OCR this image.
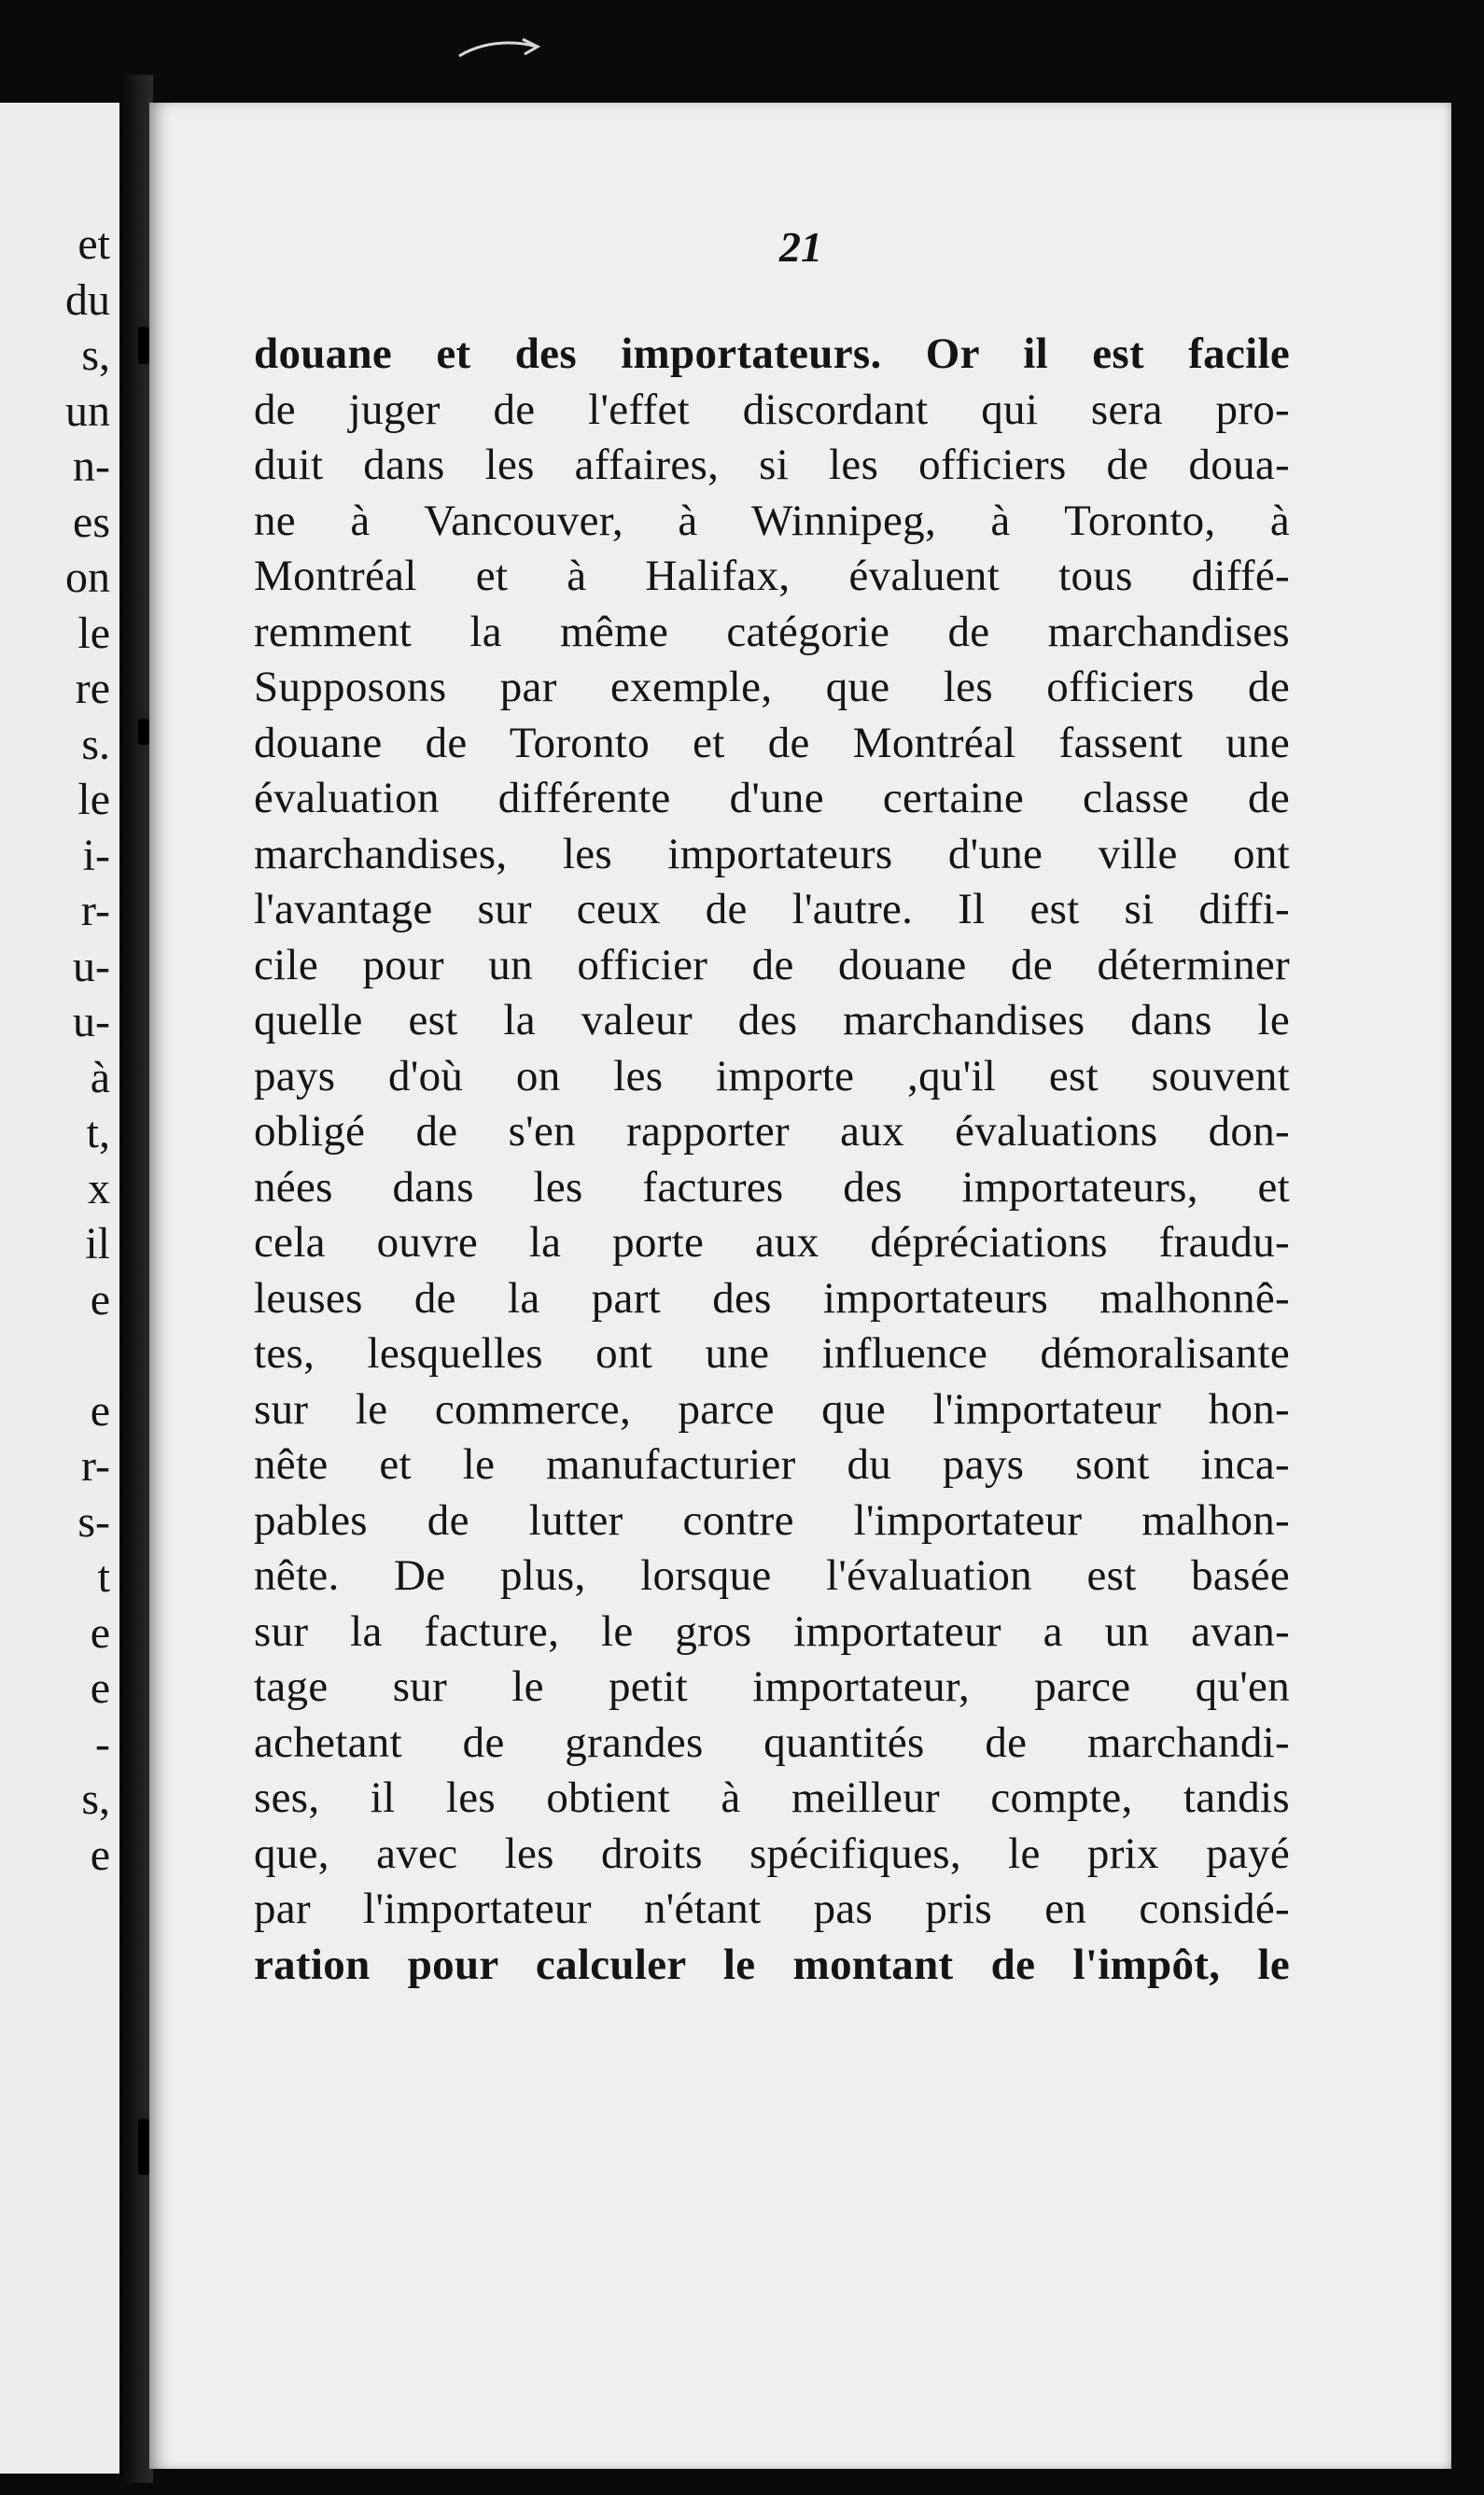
et
du
s,
un
n-
es
on
le
re
s.
le
i-
r-
u-
u-
à
t,
x
il
e
e
r-
s-
t
e
e
-
s,
e
21
douane et des importateurs. Or il est facile
de juger de l'effet discordant qui sera pro-
duit dans les affaires, si les officiers de doua-
ne à Vancouver, à Winnipeg, à Toronto, à
Montréal et à Halifax, évaluent tous diffé-
remment la même catégorie de marchandises
Supposons par exemple, que les officiers de
douane de Toronto et de Montréal fassent une
évaluation différente d'une certaine classe de
marchandises, les importateurs d'une ville ont
l'avantage sur ceux de l'autre. Il est si diffi-
cile pour un officier de douane de déterminer
quelle est la valeur des marchandises dans le
pays d'où on les importe ,qu'il est souvent
obligé de s'en rapporter aux évaluations don-
nées dans les factures des importateurs, et
cela ouvre la porte aux dépréciations fraudu-
leuses de la part des importateurs malhonnê-
tes, lesquelles ont une influence démoralisante
sur le commerce, parce que l'importateur hon-
nête et le manufacturier du pays sont inca-
pables de lutter contre l'importateur malhon-
nête. De plus, lorsque l'évaluation est basée
sur la facture, le gros importateur a un avan-
tage sur le petit importateur, parce qu'en
achetant de grandes quantités de marchandi-
ses, il les obtient à meilleur compte, tandis
que, avec les droits spécifiques, le prix payé
par l'importateur n'étant pas pris en considé-
ration pour calculer le montant de l'impôt, le
